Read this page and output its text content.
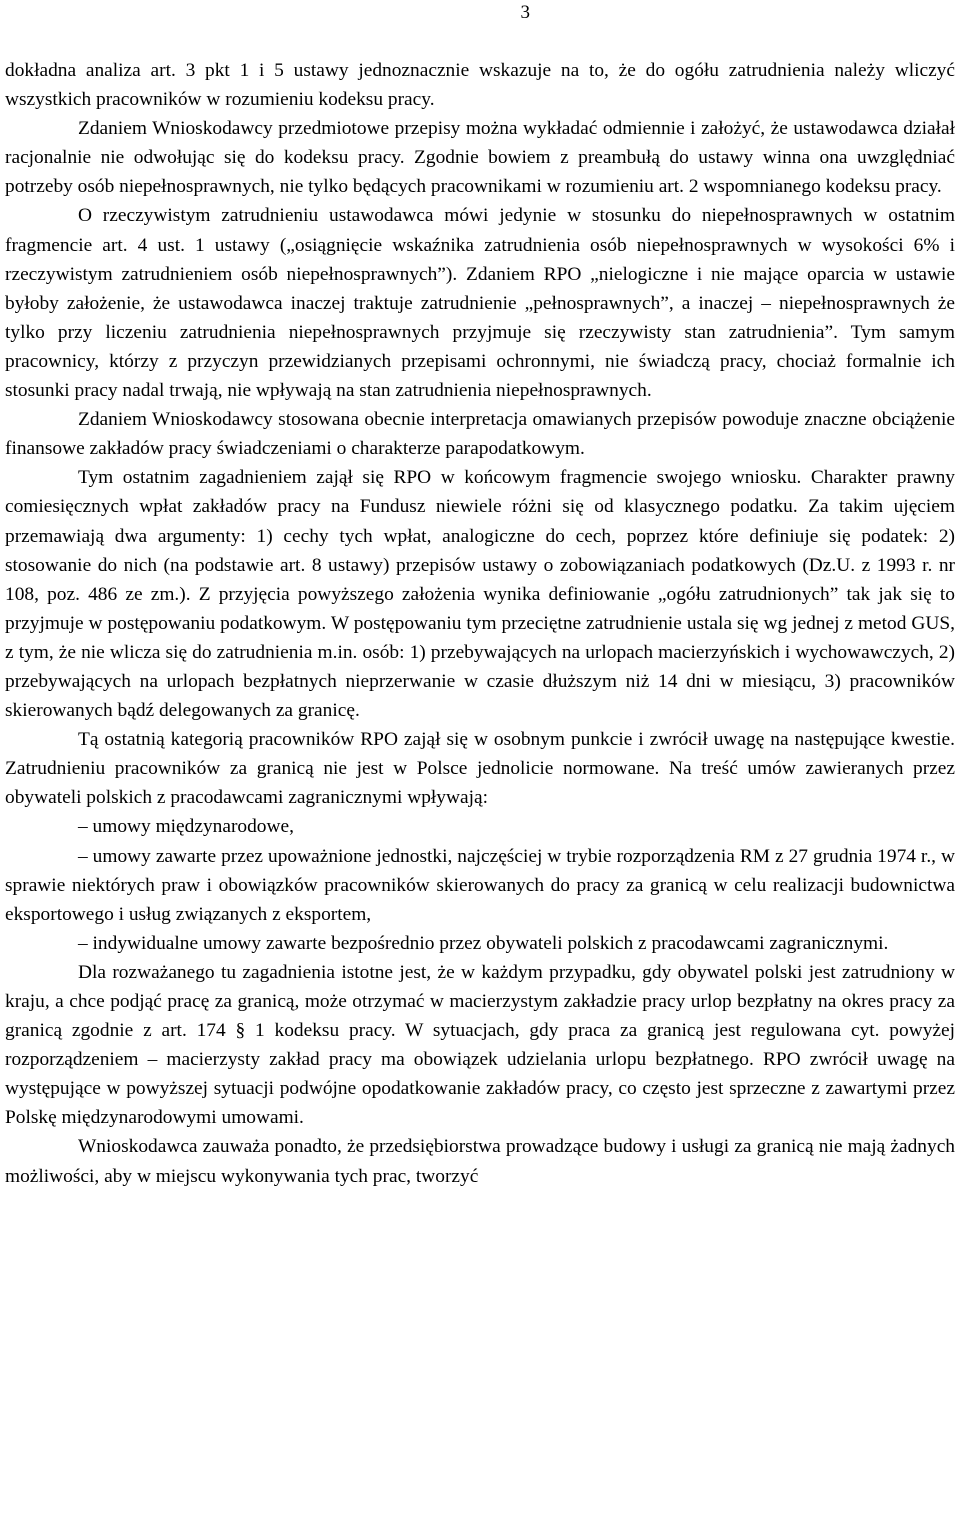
3

dokładna analiza art. 3 pkt 1 i 5 ustawy jednoznacznie wskazuje na to, że do ogółu zatrudnienia należy wliczyć wszystkich pracowników w rozumieniu kodeksu pracy.

Zdaniem Wnioskodawcy przedmiotowe przepisy można wykładać odmiennie i założyć, że ustawodawca działał racjonalnie nie odwołując się do kodeksu pracy. Zgodnie bowiem z preambułą do ustawy winna ona uwzględniać potrzeby osób niepełnosprawnych, nie tylko będących pracownikami w rozumieniu art. 2 wspomnianego kodeksu pracy.

O rzeczywistym zatrudnieniu ustawodawca mówi jedynie w stosunku do niepełnosprawnych w ostatnim fragmencie art. 4 ust. 1 ustawy („osiągnięcie wskaźnika zatrudnienia osób niepełnosprawnych w wysokości 6% i rzeczywistym zatrudnieniem osób niepełnosprawnych”). Zdaniem RPO „nielogiczne i nie mające oparcia w ustawie byłoby założenie, że ustawodawca inaczej traktuje zatrudnienie „pełnosprawnych”, a inaczej – niepełnosprawnych że tylko przy liczeniu zatrudnienia niepełnosprawnych przyjmuje się rzeczywisty stan zatrudnienia”. Tym samym pracownicy, którzy z przyczyn przewidzianych przepisami ochronnymi, nie świadczą pracy, chociaż formalnie ich stosunki pracy nadal trwają, nie wpływają na stan zatrudnienia niepełnosprawnych.

Zdaniem Wnioskodawcy stosowana obecnie interpretacja omawianych przepisów powoduje znaczne obciążenie finansowe zakładów pracy świadczeniami o charakterze parapodatkowym.

Tym ostatnim zagadnieniem zajął się RPO w końcowym fragmencie swojego wniosku. Charakter prawny comiesięcznych wpłat zakładów pracy na Fundusz niewiele różni się od klasycznego podatku. Za takim ujęciem przemawiają dwa argumenty: 1) cechy tych wpłat, analogiczne do cech, poprzez które definiuje się podatek: 2) stosowanie do nich (na podstawie art. 8 ustawy) przepisów ustawy o zobowiązaniach podatkowych (Dz.U. z 1993 r. nr 108, poz. 486 ze zm.). Z przyjęcia powyższego założenia wynika definiowanie „ogółu zatrudnionych” tak jak się to przyjmuje w postępowaniu podatkowym. W postępowaniu tym przeciętne zatrudnienie ustala się wg jednej z metod GUS, z tym, że nie wlicza się do zatrudnienia m.in. osób: 1) przebywających na urlopach macierzyńskich i wychowawczych, 2) przebywających na urlopach bezpłatnych nieprzerwanie w czasie dłuższym niż 14 dni w miesiącu, 3) pracowników skierowanych bądź delegowanych za granicę.

Tą ostatnią kategorią pracowników RPO zajął się w osobnym punkcie i zwrócił uwagę na następujące kwestie. Zatrudnieniu pracowników za granicą nie jest w Polsce jednolicie normowane. Na treść umów zawieranych przez obywateli polskich z pracodawcami zagranicznymi wpływają:

– umowy międzynarodowe,

– umowy zawarte przez upoważnione jednostki, najczęściej w trybie rozporządzenia RM z 27 grudnia 1974 r., w sprawie niektórych praw i obowiązków pracowników skierowanych do pracy za granicą w celu realizacji budownictwa eksportowego i usług związanych z eksportem,

– indywidualne umowy zawarte bezpośrednio przez obywateli polskich z pracodawcami zagranicznymi.

Dla rozważanego tu zagadnienia istotne jest, że w każdym przypadku, gdy obywatel polski jest zatrudniony w kraju, a chce podjąć pracę za granicą, może otrzymać w macierzystym zakładzie pracy urlop bezpłatny na okres pracy za granicą zgodnie z art. 174 § 1 kodeksu pracy. W sytuacjach, gdy praca za granicą jest regulowana cyt. powyżej rozporządzeniem – macierzysty zakład pracy ma obowiązek udzielania urlopu bezpłatnego. RPO zwrócił uwagę na występujące w powyższej sytuacji podwójne opodatkowanie zakładów pracy, co często jest sprzeczne z zawartymi przez Polskę międzynarodowymi umowami.

Wnioskodawca zauważa ponadto, że przedsiębiorstwa prowadzące budowy i usługi za granicą nie mają żadnych możliwości, aby w miejscu wykonywania tych prac, tworzyć
